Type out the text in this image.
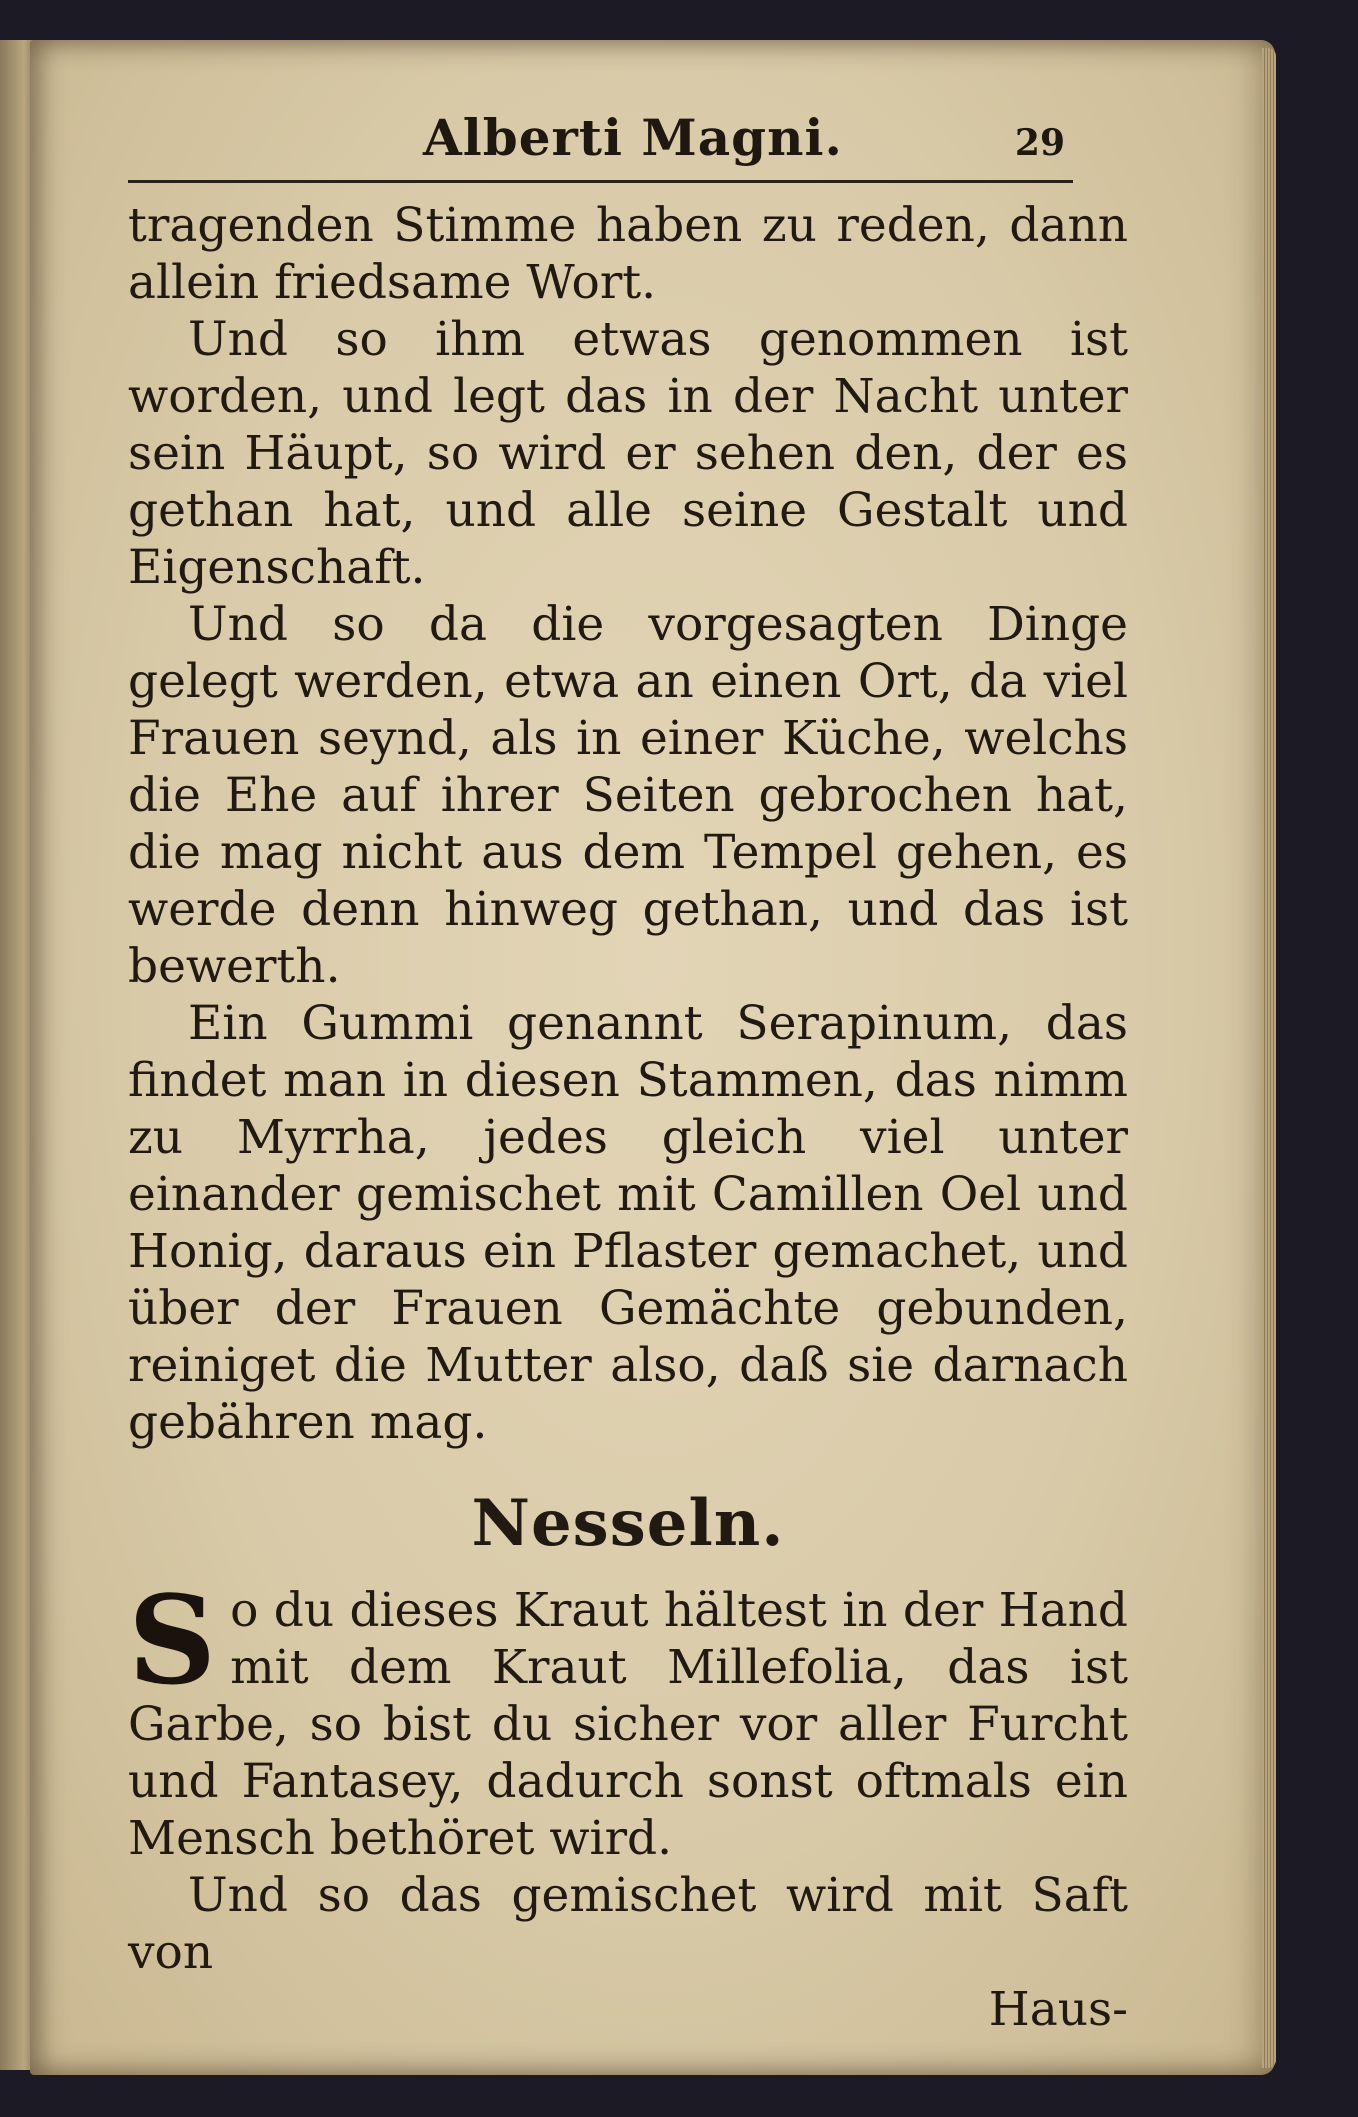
Alberti Magni.	29

tragenden Stimme haben zu reden, dann allein friedsame Wort.

Und so ihm etwas genommen ist worden, und legt das in der Nacht unter sein Häupt, so wird er sehen den, der es gethan hat, und alle seine Gestalt und Eigenschaft.

Und so da die vorgesagten Dinge gelegt werden, etwa an einen Ort, da viel Frauen seynd, als in einer Küche, welchs die Ehe auf ihrer Seiten gebrochen hat, die mag nicht aus dem Tempel gehen, es werde denn hinweg gethan, und das ist bewerth.

Ein Gummi genannt Serapinum, das findet man in diesen Stammen, das nimm zu Myrrha, jedes gleich viel unter einander gemischet mit Camillen Oel und Honig, daraus ein Pflaster gemachet, und über der Frauen Gemächte gebunden, reiniget die Mutter also, daß sie darnach gebähren mag.

Nesseln.
S o du dieses Kraut hältest in der Hand mit dem Kraut Millefolia, das ist Garbe, so bist du sicher vor aller Furcht und Fantasey, dadurch sonst oftmals ein Mensch bethöret wird.

Und so das gemischet wird mit Saft von

Haus-
